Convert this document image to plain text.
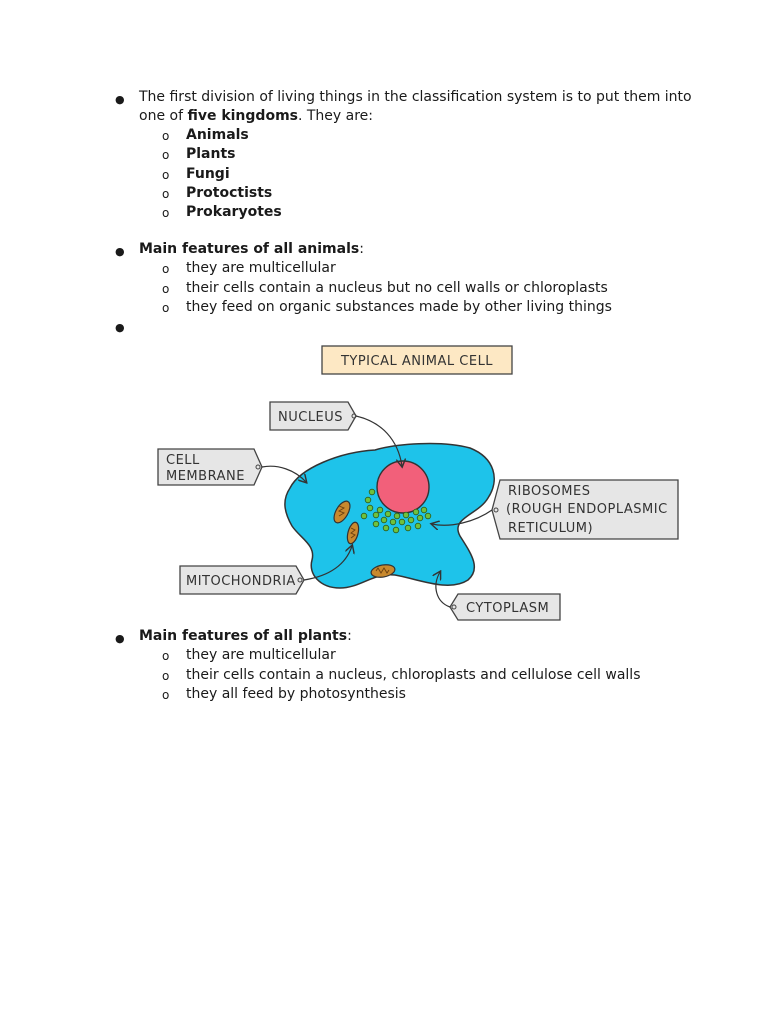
● The first division of living things in the classification system is to put them into
one of five kingdoms. They are:
o Animals
o Plants
o Fungi
o Protoctists
o Prokaryotes
● Main features of all animals:
o they are multicellular
o their cells contain a nucleus but no cell walls or chloroplasts
o they feed on organic substances made by other living things
●
TYPICAL ANIMAL CELL
NUCLEUS
CELL
MEMBRANE
RIBOSOMES
(ROUGH ENDOPLASMIC
RETICULUM)
MITOCHONDRIA
CYTOPLASM
● Main features of all plants:
o they are multicellular
o their cells contain a nucleus, chloroplasts and cellulose cell walls
o they all feed by photosynthesis
